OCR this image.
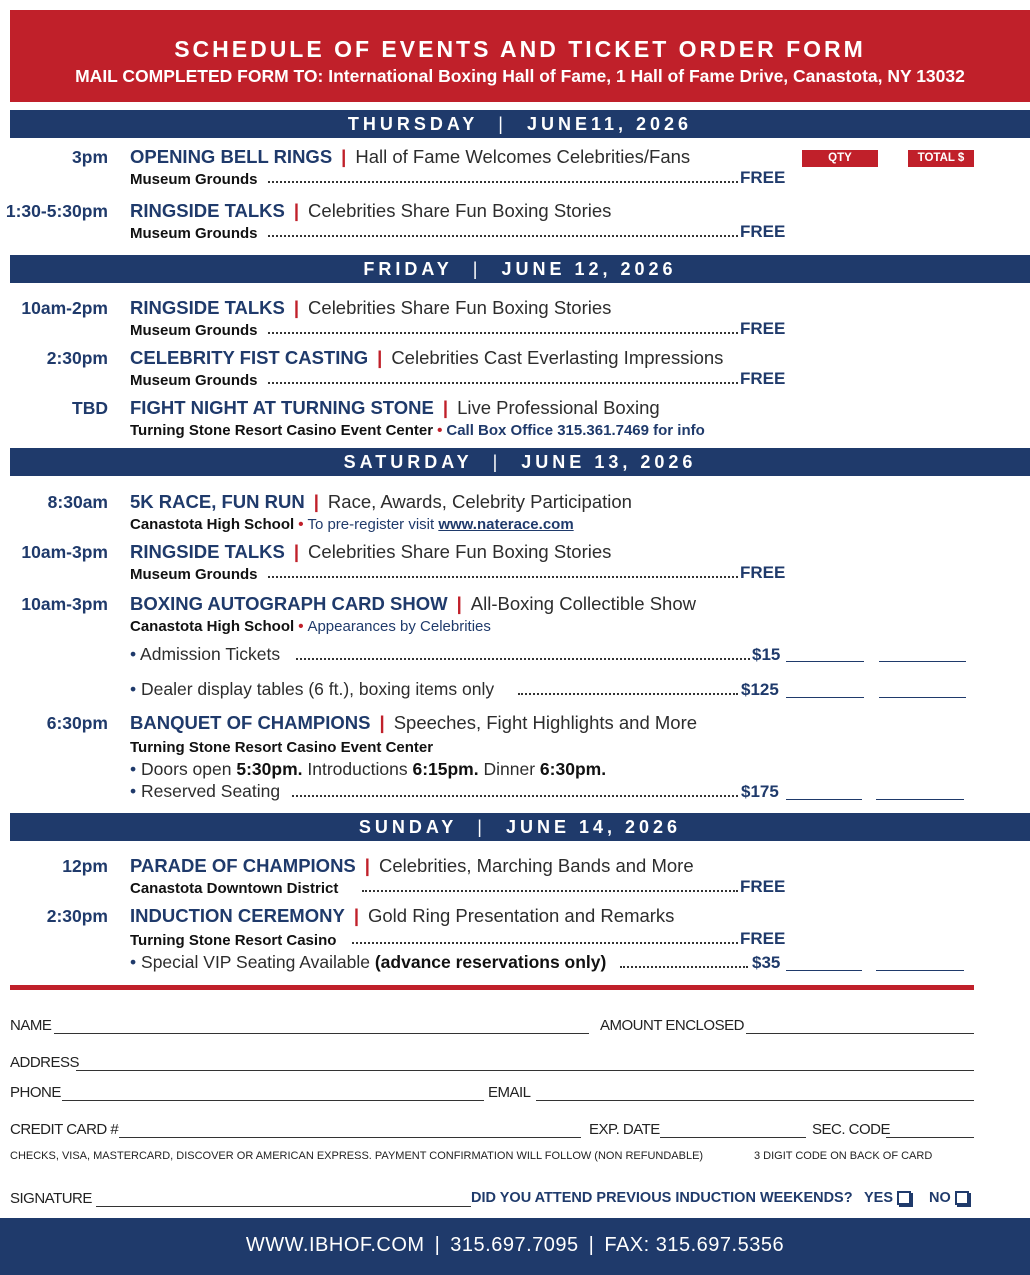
SCHEDULE OF EVENTS AND TICKET ORDER FORM
MAIL COMPLETED FORM TO: International Boxing Hall of Fame, 1 Hall of Fame Drive, Canastota, NY 13032
THURSDAY | JUNE11, 2026
QTY	TOTAL $
3pm OPENING BELL RINGS | Hall of Fame Welcomes Celebrities/Fans
Museum Grounds	FREE
1:30-5:30pm RINGSIDE TALKS | Celebrities Share Fun Boxing Stories
Museum Grounds	FREE
FRIDAY | JUNE 12, 2026
10am-2pm RINGSIDE TALKS | Celebrities Share Fun Boxing Stories
Museum Grounds	FREE
2:30pm CELEBRITY FIST CASTING | Celebrities Cast Everlasting Impressions
Museum Grounds	FREE
TBD FIGHT NIGHT AT TURNING STONE | Live Professional Boxing
Turning Stone Resort Casino Event Center • Call Box Office 315.361.7469 for info
SATURDAY | JUNE 13, 2026
8:30am 5K RACE, FUN RUN | Race, Awards, Celebrity Participation
Canastota High School • To pre-register visit www.naterace.com
10am-3pm RINGSIDE TALKS | Celebrities Share Fun Boxing Stories
Museum Grounds	FREE
10am-3pm BOXING AUTOGRAPH CARD SHOW | All-Boxing Collectible Show
Canastota High School • Appearances by Celebrities
• Admission Tickets	$15
• Dealer display tables (6 ft.), boxing items only	$125
6:30pm BANQUET OF CHAMPIONS | Speeches, Fight Highlights and More
Turning Stone Resort Casino Event Center
• Doors open 5:30pm. Introductions 6:15pm. Dinner 6:30pm.
• Reserved Seating	$175
SUNDAY | JUNE 14, 2026
12pm PARADE OF CHAMPIONS | Celebrities, Marching Bands and More
Canastota Downtown District	FREE
2:30pm INDUCTION CEREMONY | Gold Ring Presentation and Remarks
Turning Stone Resort Casino	FREE
• Special VIP Seating Available (advance reservations only)	$35
NAME	AMOUNT ENCLOSED
ADDRESS
PHONE	EMAIL
CREDIT CARD #	EXP. DATE	SEC. CODE
CHECKS, VISA, MASTERCARD, DISCOVER OR AMERICAN EXPRESS. PAYMENT CONFIRMATION WILL FOLLOW (NON REFUNDABLE)	3 DIGIT CODE ON BACK OF CARD
SIGNATURE	DID YOU ATTEND PREVIOUS INDUCTION WEEKENDS? YES	NO
WWW.IBHOF.COM | 315.697.7095 | FAX: 315.697.5356
